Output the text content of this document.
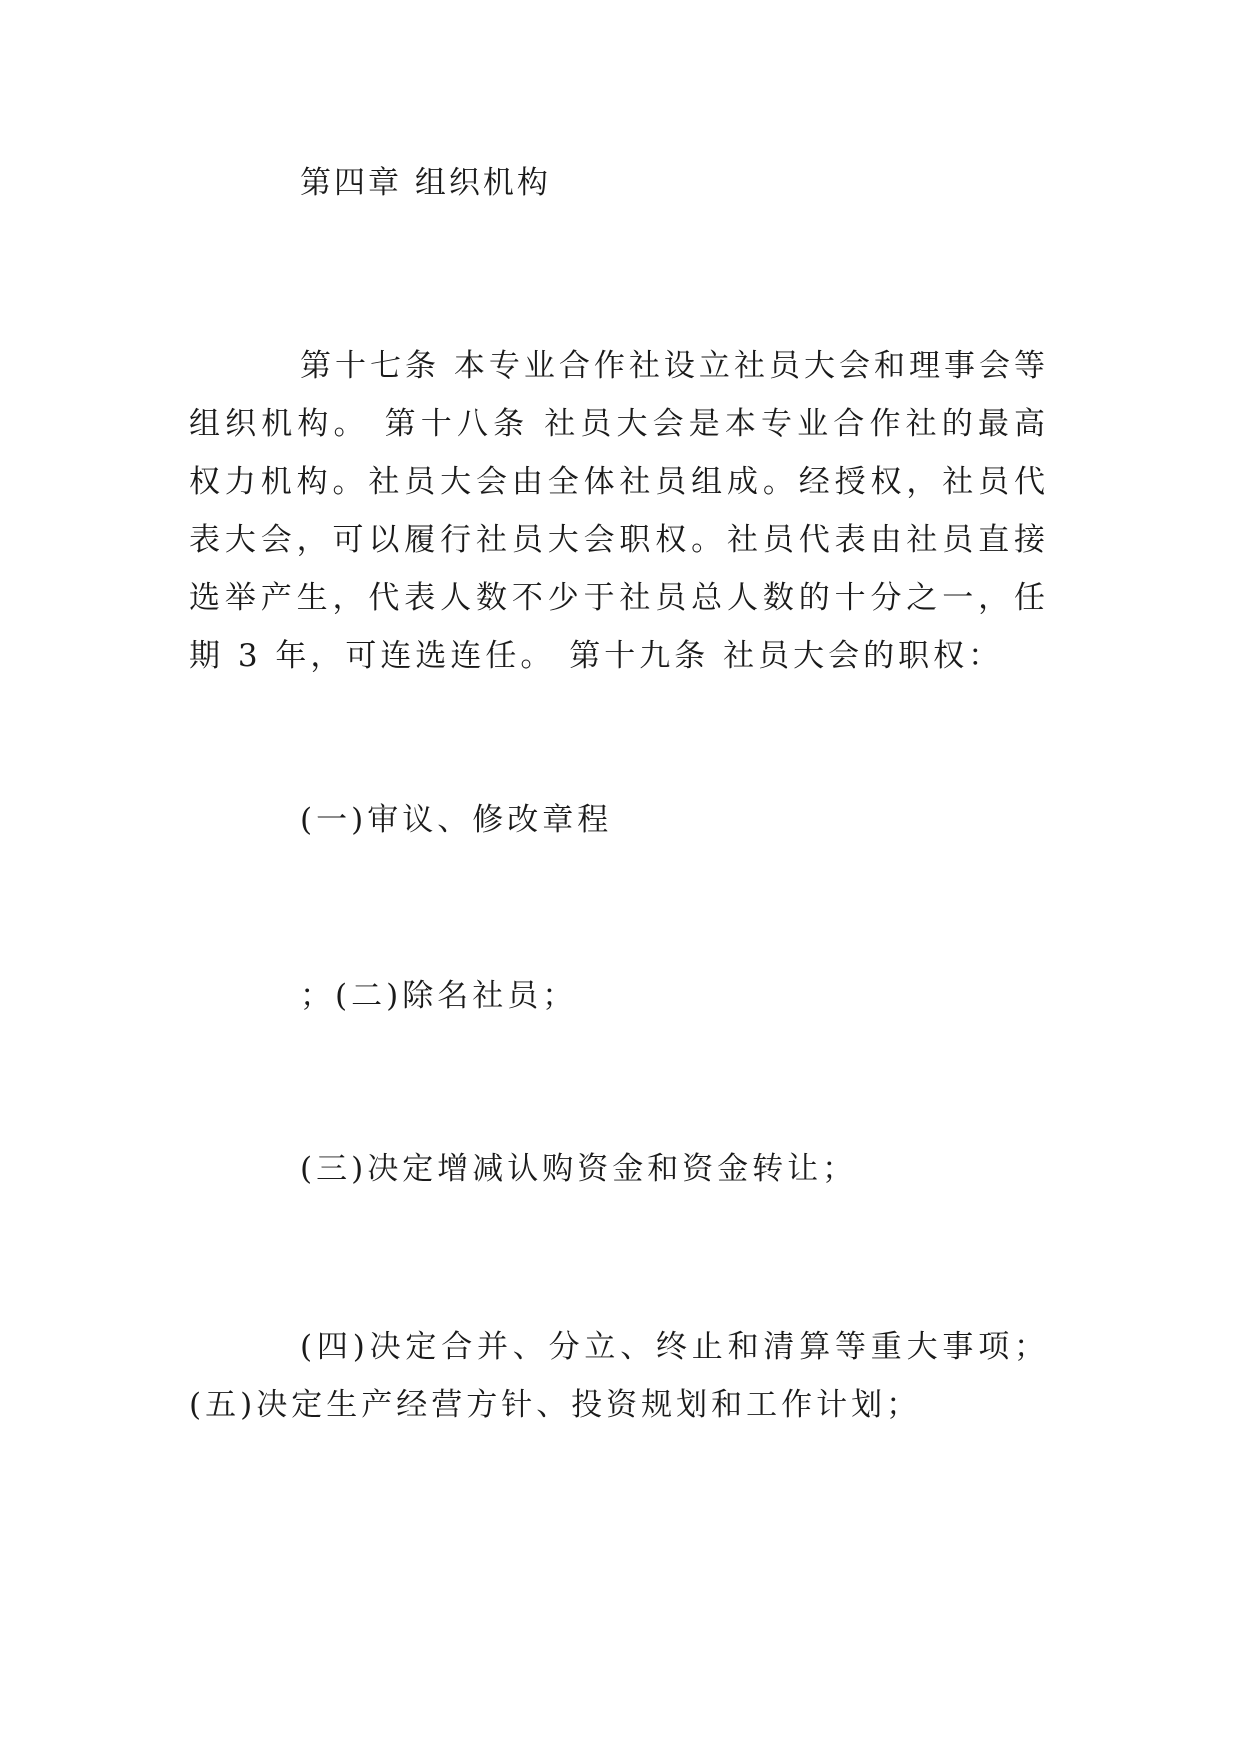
第四章 组织机构

第十七条 本专业合作社设立社员大会和理事会等组织机构。 第十八条 社员大会是本专业合作社的最高权力机构。社员大会由全体社员组成。经授权，社员代表大会，可以履行社员大会职权。社员代表由社员直接选举产生，代表人数不少于社员总人数的十分之一，任期 3 年，可连选连任。 第十九条 社员大会的职权：

(一)审议、修改章程

；(二)除名社员；

(三)决定增减认购资金和资金转让；

(四)决定合并、分立、终止和清算等重大事项；(五)决定生产经营方针、投资规划和工作计划；
